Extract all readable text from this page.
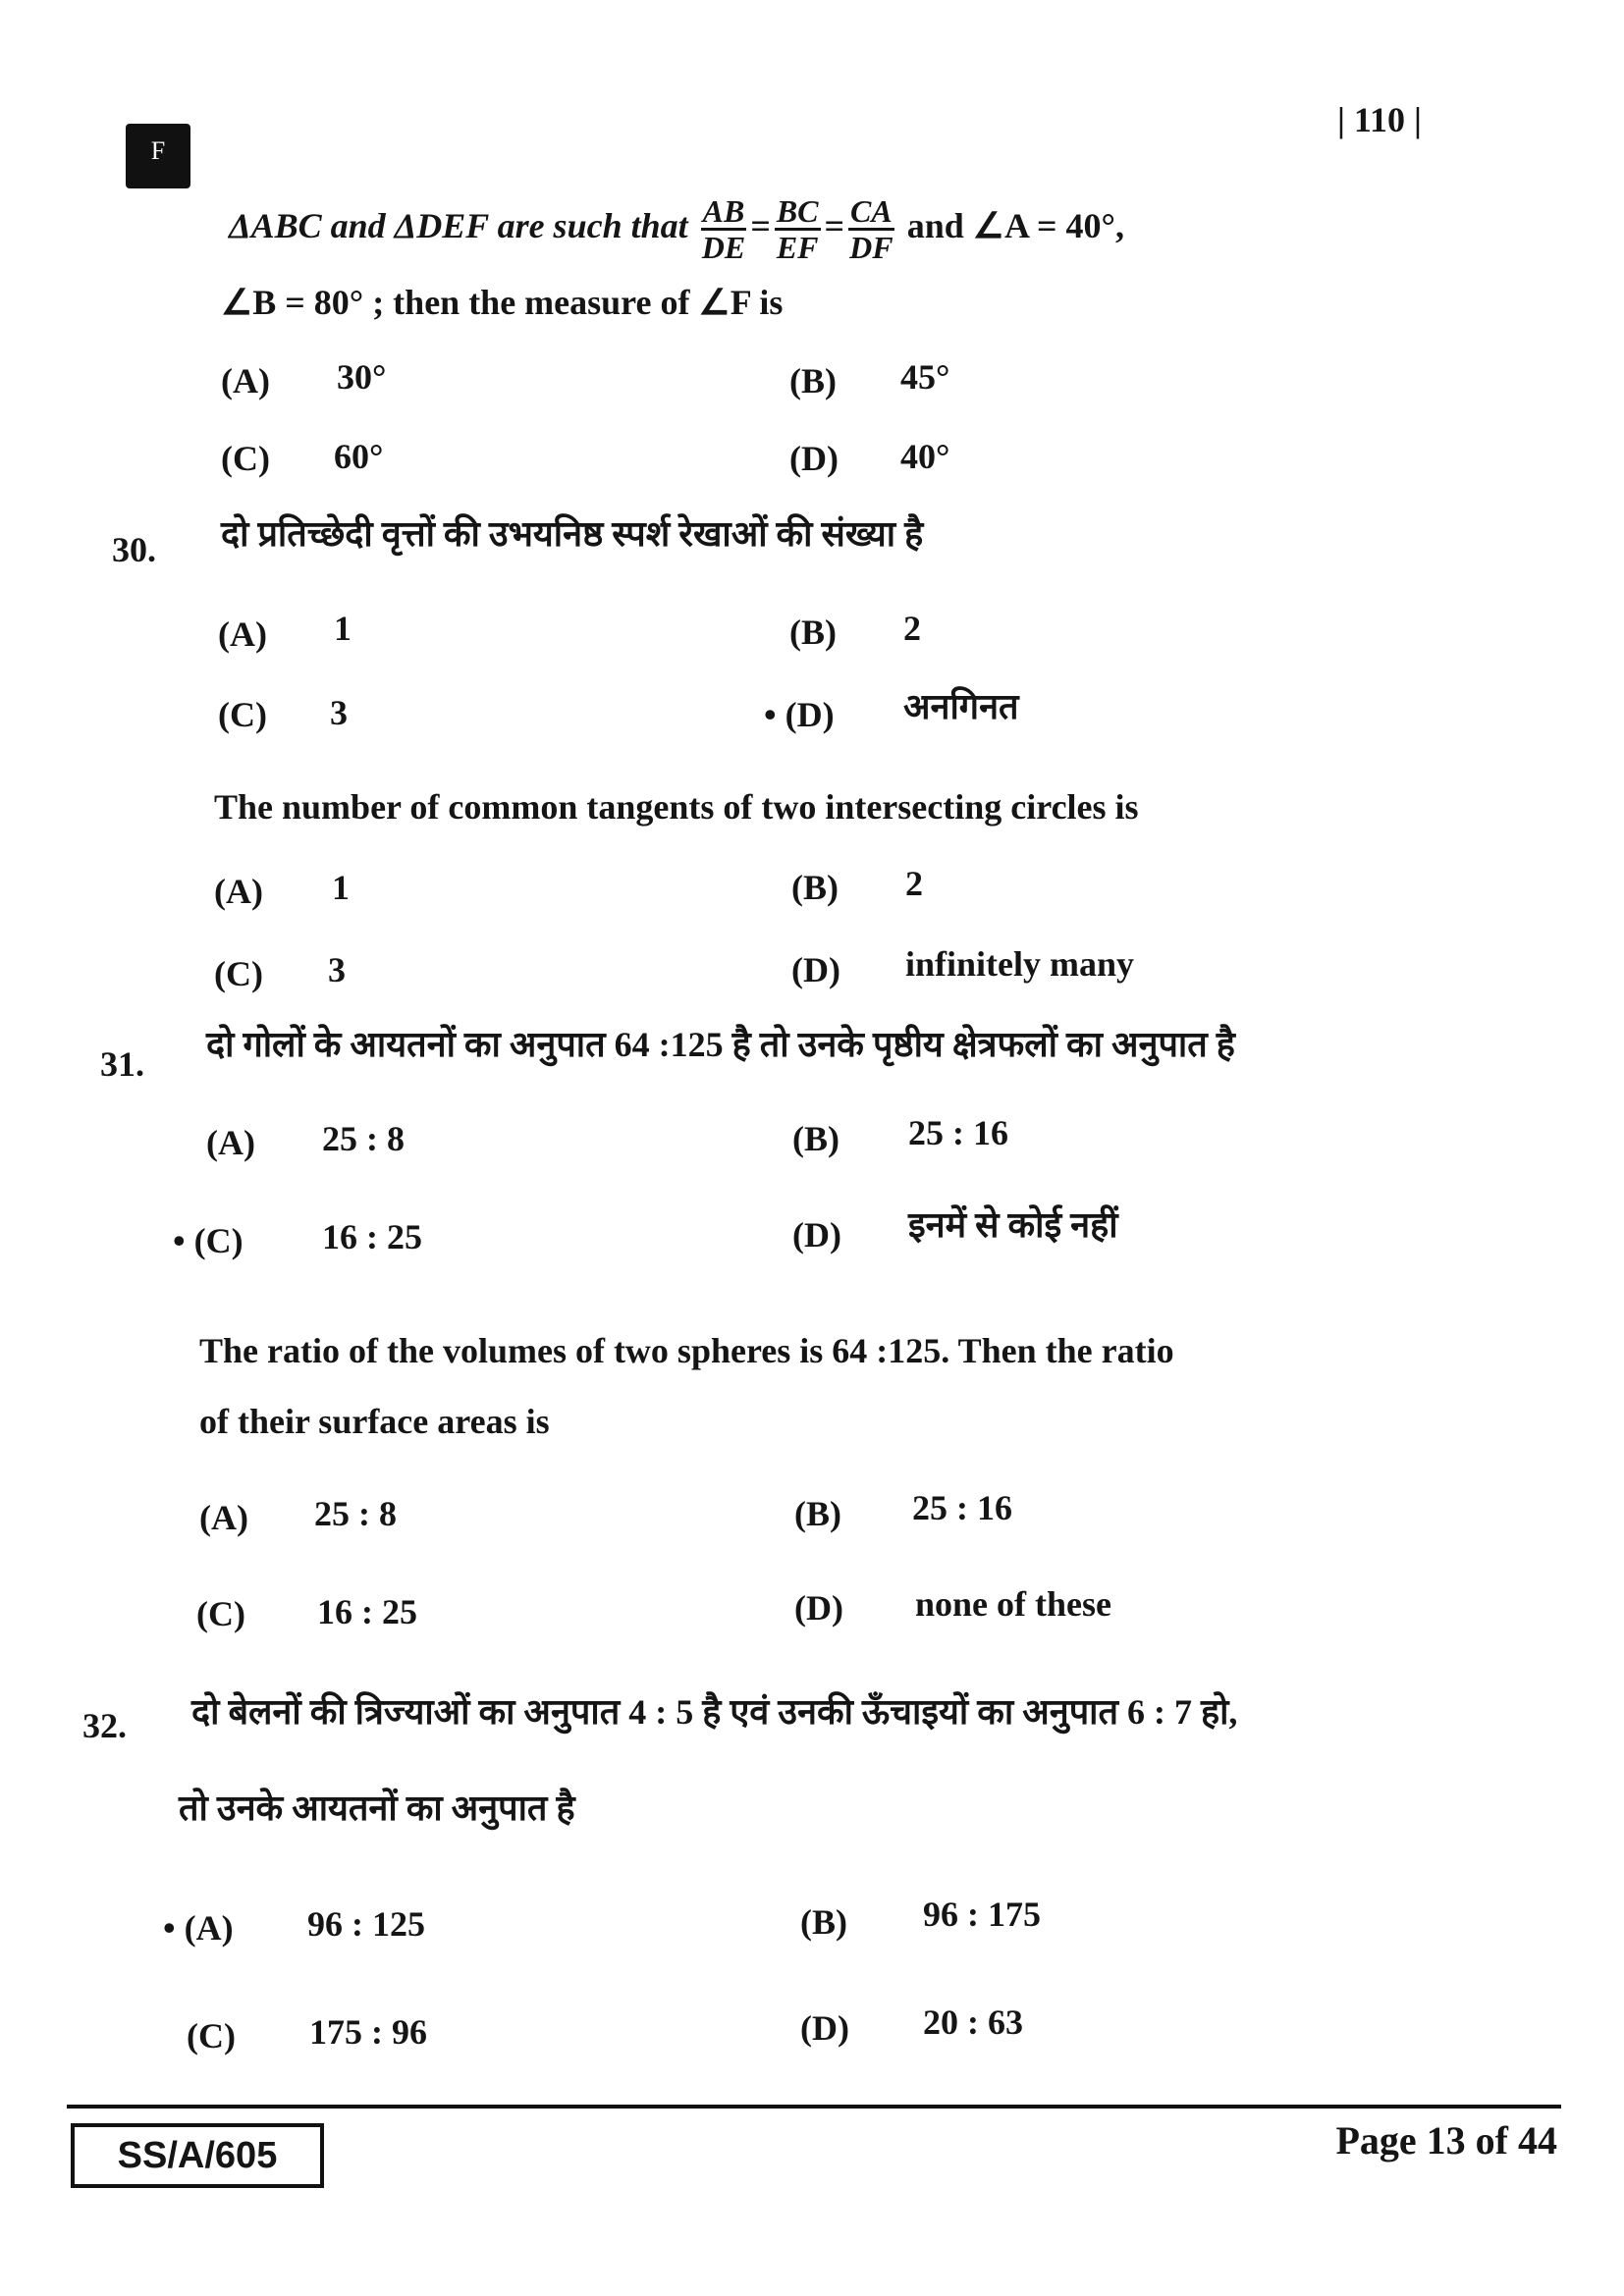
F
| 110 |
ΔABC and ΔDEF are such that $\frac{AB}{DE} = \frac{BC}{EF} = \frac{CA}{DF}$ and ∠A = 40°,
∠B = 80° ; then the measure of ∠F is
(A) 30°	(B) 45°
(C) 60°	(D) 40°
30. दो प्रतिच्छेदी वृत्तों की उभयनिष्ठ स्पर्श रेखाओं की संख्या है
(A) 1	(B) 2
(C) 3	• (D) अनगिनत
The number of common tangents of two intersecting circles is
(A) 1	(B) 2
(C) 3	(D) infinitely many
31. दो गोलों के आयतनों का अनुपात 64 :125 है तो उनके पृष्ठीय क्षेत्रफलों का अनुपात है
(A) 25 : 8	(B) 25 : 16
• (C) 16 : 25	(D) इनमें से कोई नहीं
The ratio of the volumes of two spheres is 64 :125. Then the ratio
of their surface areas is
(A) 25 : 8	(B) 25 : 16
(C) 16 : 25	(D) none of these
32. दो बेलनों की त्रिज्याओं का अनुपात 4 : 5 है एवं उनकी ऊँचाइयों का अनुपात 6 : 7 हो,
तो उनके आयतनों का अनुपात है
• (A) 96 : 125	(B) 96 : 175
(C) 175 : 96	(D) 20 : 63
SS/A/605	Page 13 of 44
